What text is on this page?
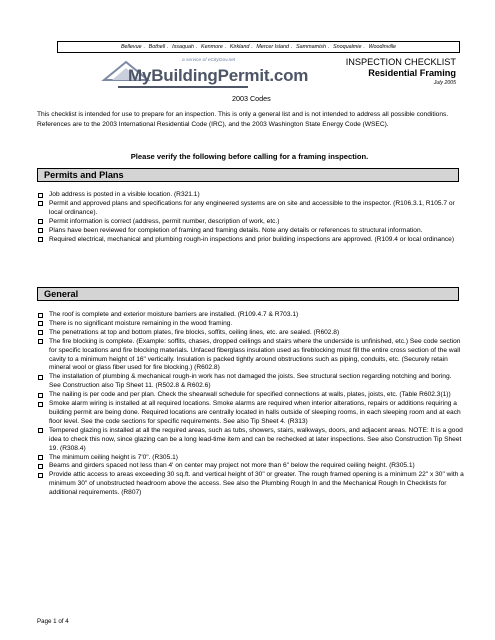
Bellevue . Bothell . Issaquah . Kenmore . Kirkland . Mercer Island . Sammamish . Snoqualmie . Woodinville
a service of eCityGov.net
MyBuildingPermit.com
INSPECTION CHECKLIST
Residential Framing
July 2005
2003 Codes
This checklist is intended for use to prepare for an inspection. This is only a general list and is not intended to address all possible conditions. References are to the 2003 International Residential Code (IRC), and the 2003 Washington State Energy Code (WSEC).
Please verify the following before calling for a framing inspection.
Permits and Plans
Job address is posted in a visible location. (R321.1)
Permit and approved plans and specifications for any engineered systems are on site and accessible to the inspector. (R106.3.1, R105.7 or local ordinance).
Permit information is correct (address, permit number, description of work, etc.)
Plans have been reviewed for completion of framing and framing details. Note any details or references to structural information.
Required electrical, mechanical and plumbing rough-in inspections and prior building inspections are approved. (R109.4 or local ordinance)
General
The roof is complete and exterior moisture barriers are installed. (R109.4.7 & R703.1)
There is no significant moisture remaining in the wood framing.
The penetrations at top and bottom plates, fire blocks, soffits, ceiling lines, etc. are sealed. (R602.8)
The fire blocking is complete. (Example: soffits, chases, dropped ceilings and stairs where the underside is unfinished, etc.) See code section for specific locations and fire blocking materials. Unfaced fiberglass insulation used as fireblocking must fill the entire cross section of the wall cavity to a minimum height of 16" vertically. Insulation is packed tightly around obstructions such as piping, conduits, etc. (Securely retain mineral wool or glass fiber used for fire blocking.) (R602.8)
The installation of plumbing & mechanical rough-in work has not damaged the joists. See structural section regarding notching and boring. See Construction also Tip Sheet 11. (R502.8 & R602.6)
The nailing is per code and per plan. Check the shearwall schedule for specified connections at walls, plates, joists, etc. (Table R602.3(1))
Smoke alarm wiring is installed at all required locations. Smoke alarms are required when interior alterations, repairs or additions requiring a building permit are being done. Required locations are centrally located in halls outside of sleeping rooms, in each sleeping room and at each floor level. See the code sections for specific requirements. See also Tip Sheet 4. (R313)
Tempered glazing is installed at all the required areas, such as tubs, showers, stairs, walkways, doors, and adjacent areas. NOTE: It is a good idea to check this now, since glazing can be a long lead-time item and can be rechecked at later inspections. See also Construction Tip Sheet 19. (R308.4)
The minimum ceiling height is 7'0". (R305.1)
Beams and girders spaced not less than 4' on center may project not more than 6" below the required ceiling height. (R305.1)
Provide attic access to areas exceeding 30 sq.ft. and vertical height of 30" or greater. The rough framed opening is a minimum 22" x 30" with a minimum 30" of unobstructed headroom above the access. See also the Plumbing Rough In and the Mechanical Rough In Checklists for additional requirements. (R807)
Page 1 of 4
